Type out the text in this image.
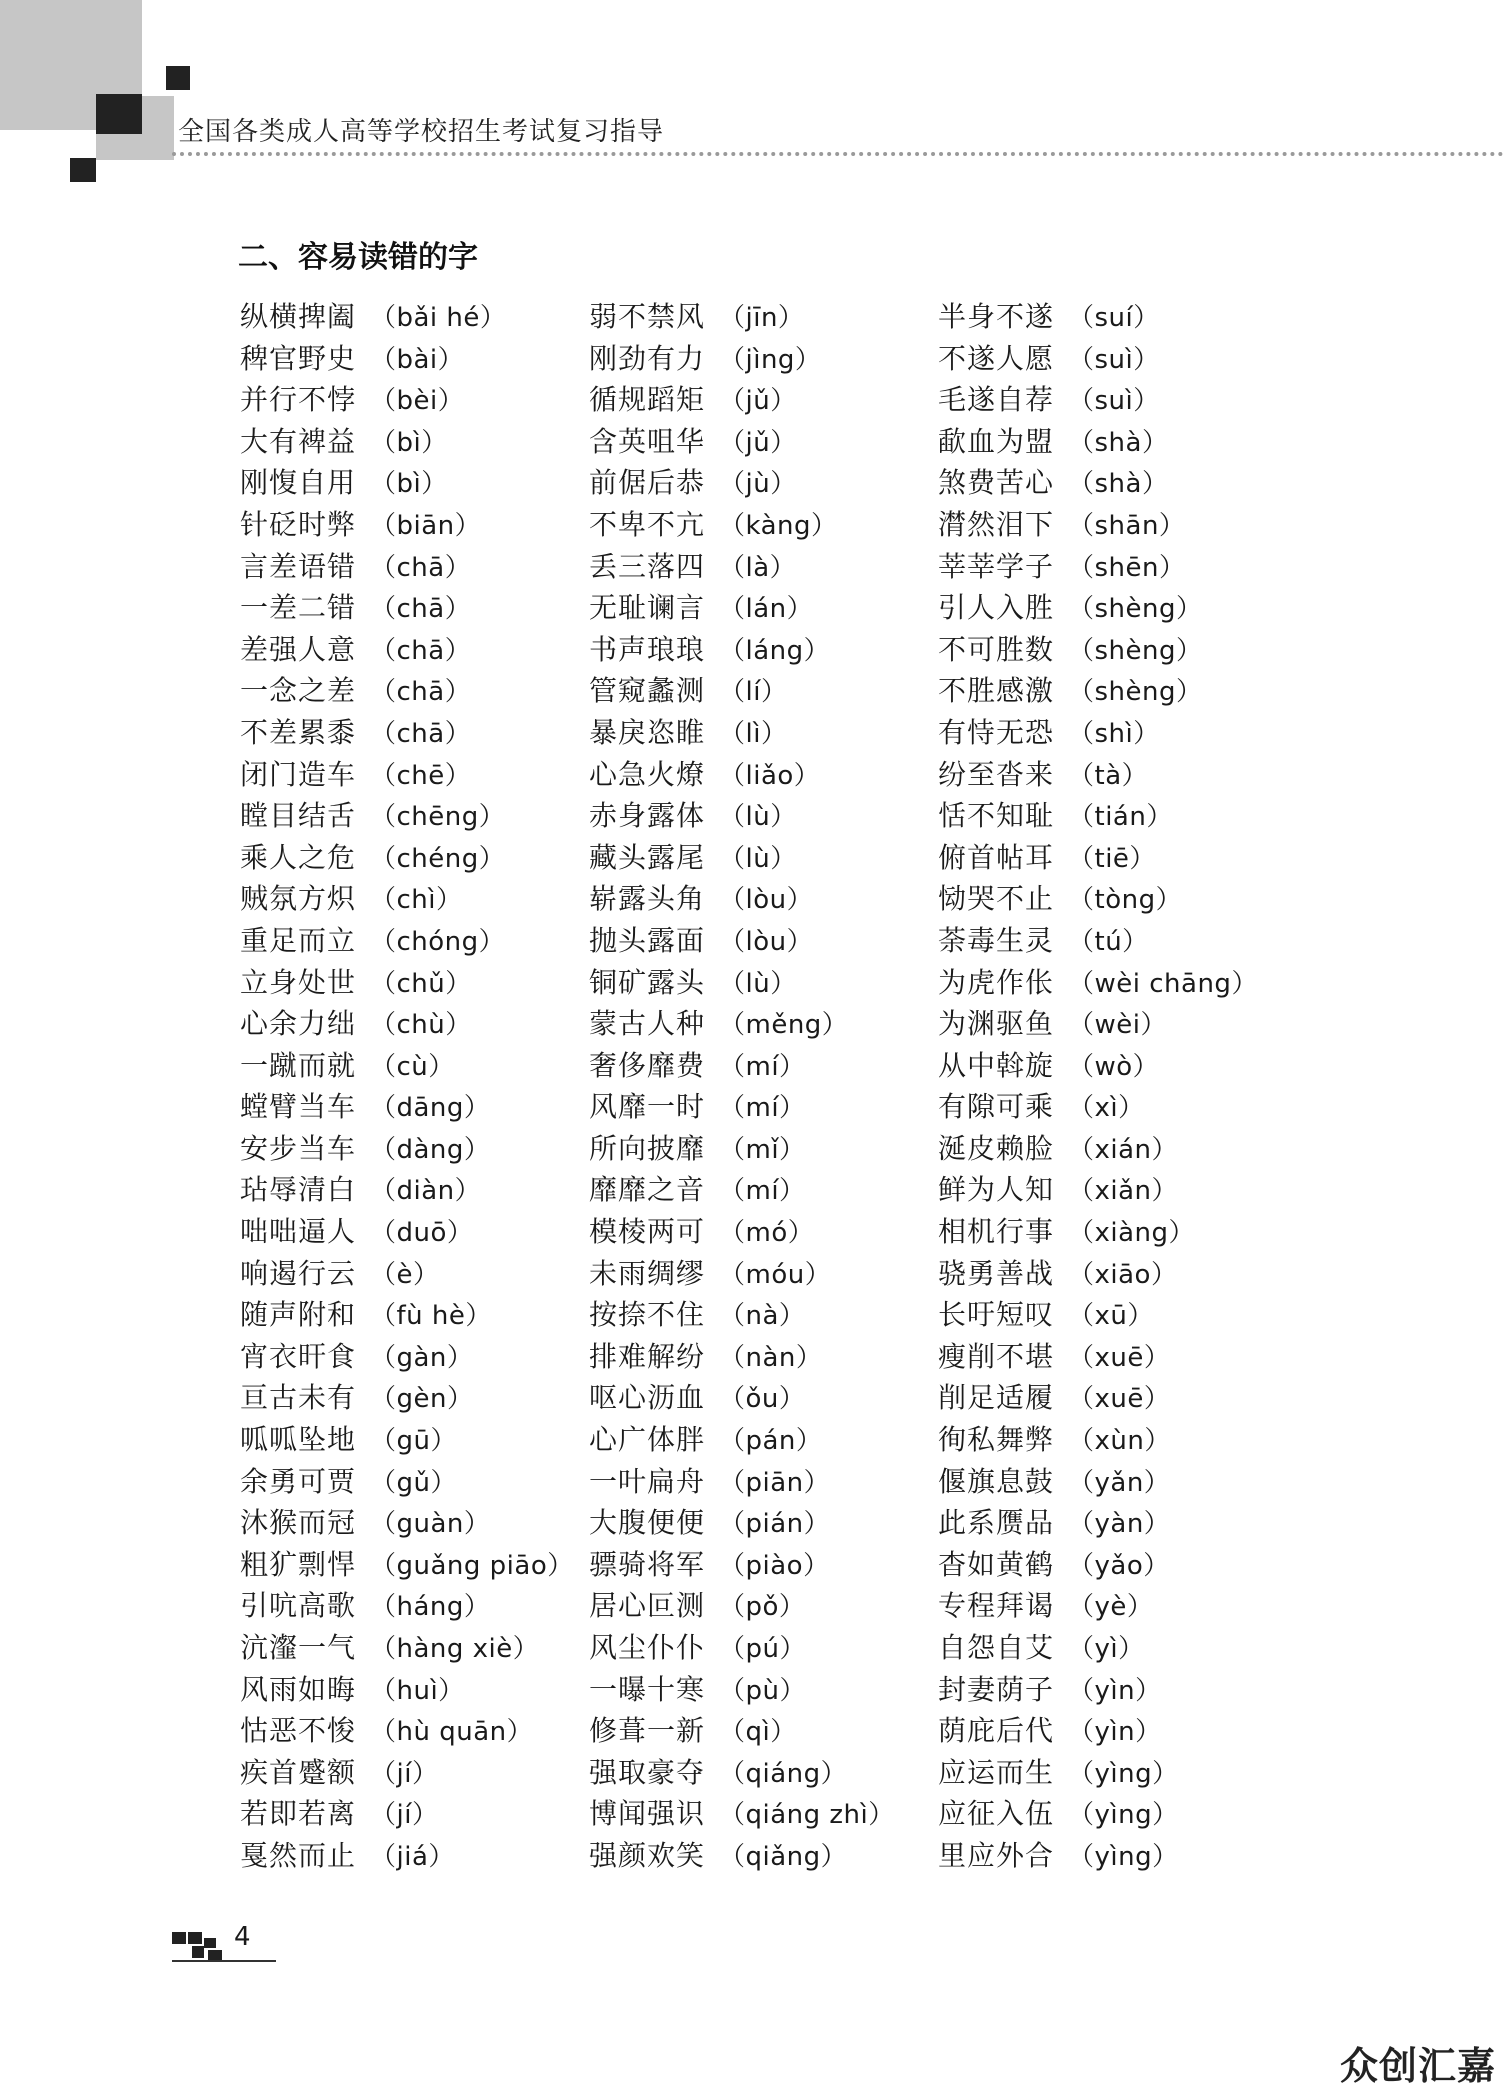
全国各类成人高等学校招生考试复习指导
二、容易读错的字
纵横捭阖 （bǎi hé）
稗官野史 （bài）
并行不悖 （bèi）
大有裨益 （bì）
刚愎自用 （bì）
针砭时弊 （biān）
言差语错 （chā）
一差二错 （chā）
差强人意 （chā）
一念之差 （chā）
不差累黍 （chā）
闭门造车 （chē）
瞠目结舌 （chēng）
乘人之危 （chéng）
贼氛方炽 （chì）
重足而立 （chóng）
立身处世 （chǔ）
心余力绌 （chù）
一蹴而就 （cù）
螳臂当车 （dāng）
安步当车 （dàng）
玷辱清白 （diàn）
咄咄逼人 （duō）
响遏行云 （è）
随声附和 （fù hè）
宵衣旰食 （gàn）
亘古未有 （gèn）
呱呱坠地 （gū）
余勇可贾 （gǔ）
沐猴而冠 （guàn）
粗犷剽悍 （guǎng piāo）
引吭高歌 （háng）
沆瀣一气 （hàng xiè）
风雨如晦 （huì）
怙恶不悛 （hù quān）
疾首蹙额 （jí）
若即若离 （jí）
戛然而止 （jiá）
弱不禁风 （jīn）
刚劲有力 （jìng）
循规蹈矩 （jǔ）
含英咀华 （jǔ）
前倨后恭 （jù）
不卑不亢 （kàng）
丢三落四 （là）
无耻谰言 （lán）
书声琅琅 （láng）
管窥蠡测 （lí）
暴戾恣睢 （lì）
心急火燎 （liǎo）
赤身露体 （lù）
藏头露尾 （lù）
崭露头角 （lòu）
抛头露面 （lòu）
铜矿露头 （lù）
蒙古人种 （měng）
奢侈靡费 （mí）
风靡一时 （mí）
所向披靡 （mǐ）
靡靡之音 （mí）
模棱两可 （mó）
未雨绸缪 （móu）
按捺不住 （nà）
排难解纷 （nàn）
呕心沥血 （ǒu）
心广体胖 （pán）
一叶扁舟 （piān）
大腹便便 （pián）
骠骑将军 （piào）
居心叵测 （pǒ）
风尘仆仆 （pú）
一曝十寒 （pù）
修葺一新 （qì）
强取豪夺 （qiáng）
博闻强识 （qiáng zhì）
强颜欢笑 （qiǎng）
半身不遂 （suí）
不遂人愿 （suì）
毛遂自荐 （suì）
歃血为盟 （shà）
煞费苦心 （shà）
潸然泪下 （shān）
莘莘学子 （shēn）
引人入胜 （shèng）
不可胜数 （shèng）
不胜感激 （shèng）
有恃无恐 （shì）
纷至沓来 （tà）
恬不知耻 （tián）
俯首帖耳 （tiē）
恸哭不止 （tòng）
荼毒生灵 （tú）
为虎作伥 （wèi chāng）
为渊驱鱼 （wèi）
从中斡旋 （wò）
有隙可乘 （xì）
涎皮赖脸 （xián）
鲜为人知 （xiǎn）
相机行事 （xiàng）
骁勇善战 （xiāo）
长吁短叹 （xū）
瘦削不堪 （xuē）
削足适履 （xuē）
徇私舞弊 （xùn）
偃旗息鼓 （yǎn）
此系赝品 （yàn）
杳如黄鹤 （yǎo）
专程拜谒 （yè）
自怨自艾 （yì）
封妻荫子 （yìn）
荫庇后代 （yìn）
应运而生 （yìng）
应征入伍 （yìng）
里应外合 （yìng）
4
众创汇嘉
